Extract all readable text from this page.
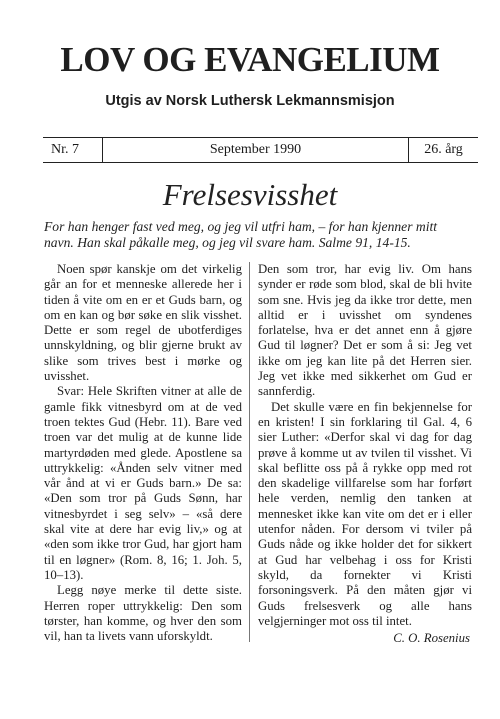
LOV OG EVANGELIUM
Utgis av Norsk Luthersk Lekmannsmisjon
Nr. 7	September 1990	26. årg
Frelsesvisshet
For han henger fast ved meg, og jeg vil utfri ham, – for han kjenner mitt
navn. Han skal påkalle meg, og jeg vil svare ham. Salme 91, 14-15.

Noen spør kanskje om det virkelig går an for et menneske allerede her i tiden å vite om en er et Guds barn, og om en kan og bør søke en slik visshet. Dette er som regel de ubotferdiges unnskyldning, og blir gjerne brukt av slike som trives best i mørke og uvisshet.

Svar: Hele Skriften vitner at alle de gamle fikk vitnesbyrd om at de ved troen tektes Gud (Hebr. 11). Bare ved troen var det mulig at de kunne lide martyrdøden med glede. Apostlene sa uttrykkelig: «Ånden selv vitner med vår ånd at vi er Guds barn.» De sa: «Den som tror på Guds Sønn, har vitnesbyrdet i seg selv» – «så dere skal vite at dere har evig liv,» og at «den som ikke tror Gud, har gjort ham til en løgner» (Rom. 8, 16; 1. Joh. 5, 10–13).

Legg nøye merke til dette siste. Herren roper uttrykkelig: Den som tørster, han komme, og hver den som vil, han ta livets vann uforskyldt.

Den som tror, har evig liv. Om hans synder er røde som blod, skal de bli hvite som sne. Hvis jeg da ikke tror dette, men alltid er i uvisshet om syndenes forlatelse, hva er det annet enn å gjøre Gud til løgner? Det er som å si: Jeg vet ikke om jeg kan lite på det Herren sier. Jeg vet ikke med sikkerhet om Gud er sannferdig.

Det skulle være en fin bekjennelse for en kristen! I sin forklaring til Gal. 4, 6 sier Luther: «Derfor skal vi dag for dag prøve å komme ut av tvilen til visshet. Vi skal beflitte oss på å rykke opp med rot den skadelige villfarelse som har forført hele verden, nemlig den tanken at mennesket ikke kan vite om det er i eller utenfor nåden. For dersom vi tviler på Guds nåde og ikke holder det for sikkert at Gud har velbehag i oss for Kristi skyld, da fornekter vi Kristi forsoningsverk. På den måten gjør vi Guds frelsesverk og alle hans velgjerninger mot oss til intet.

C. O. Rosenius
